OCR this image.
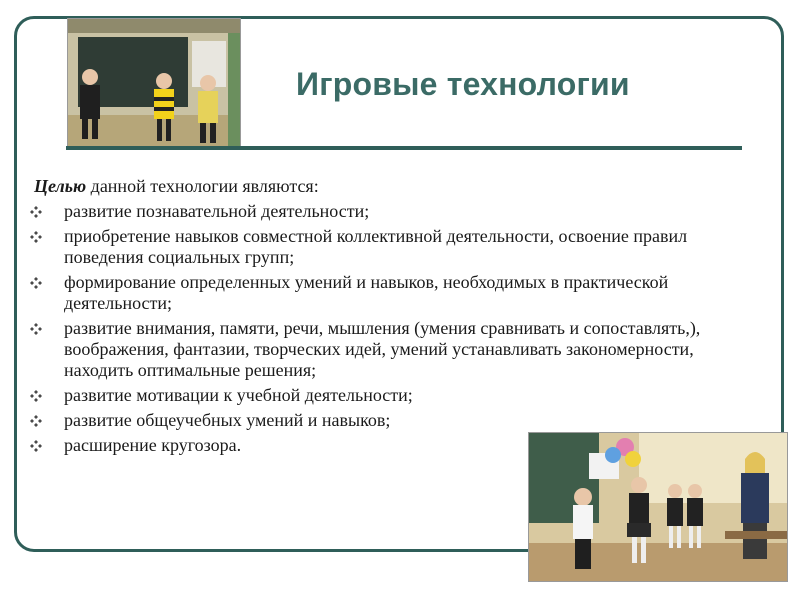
Игровые технологии
Целью данной технологии являются:
развитие познавательной деятельности;
приобретение навыков совместной коллективной деятельности, освоение правил поведения социальных групп;
формирование определенных умений и навыков, необходимых в практической деятельности;
развитие внимания, памяти, речи, мышления (умения сравнивать и сопоставлять,), воображения, фантазии, творческих идей, умений устанавливать закономерности, находить оптимальные решения;
развитие мотивации к учебной деятельности;
развитие общеучебных умений и навыков;
расширение кругозора.
